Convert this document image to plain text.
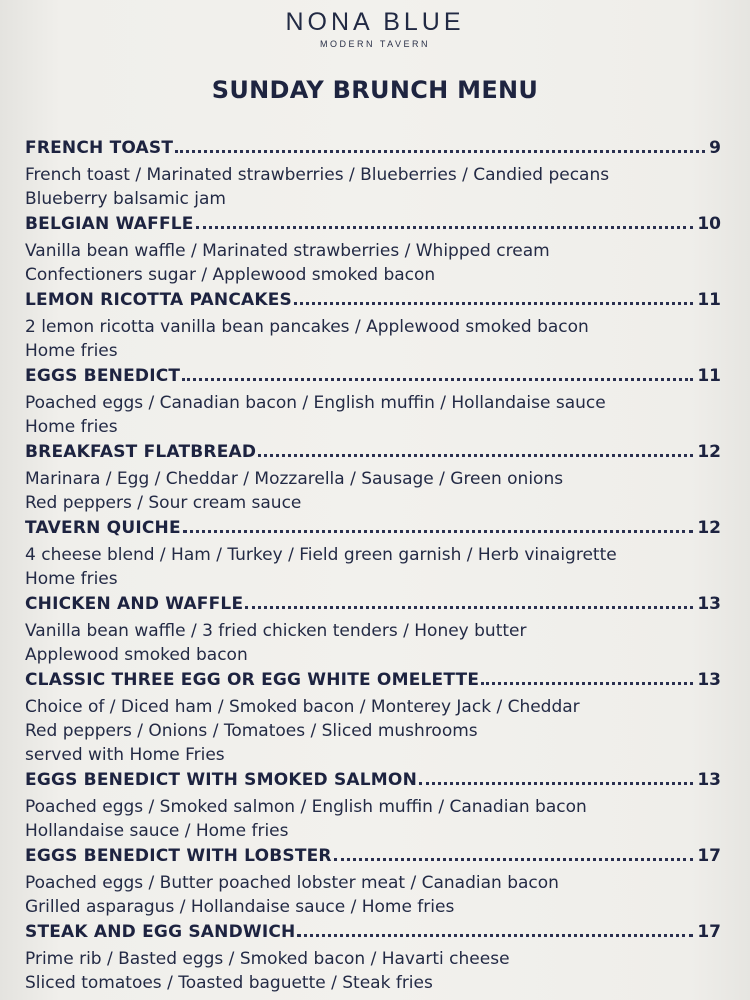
NONA BLUE
MODERN TAVERN
SUNDAY BRUNCH MENU
FRENCH TOAST	9
French toast / Marinated strawberries / Blueberries / Candied pecans
Blueberry balsamic jam
BELGIAN WAFFLE	10
Vanilla bean waffle / Marinated strawberries / Whipped cream
Confectioners sugar / Applewood smoked bacon
LEMON RICOTTA PANCAKES	11
2 lemon ricotta vanilla bean pancakes / Applewood smoked bacon
Home fries
EGGS BENEDICT	11
Poached eggs / Canadian bacon / English muffin / Hollandaise sauce
Home fries
BREAKFAST FLATBREAD	12
Marinara / Egg / Cheddar / Mozzarella / Sausage / Green onions
Red peppers / Sour cream sauce
TAVERN QUICHE	12
4 cheese blend / Ham / Turkey / Field green garnish / Herb vinaigrette
Home fries
CHICKEN AND WAFFLE	13
Vanilla bean waffle / 3 fried chicken tenders / Honey butter
Applewood smoked bacon
CLASSIC THREE EGG OR EGG WHITE OMELETTE	13
Choice of / Diced ham / Smoked bacon / Monterey Jack / Cheddar
Red peppers / Onions / Tomatoes / Sliced mushrooms
served with Home Fries
EGGS BENEDICT WITH SMOKED SALMON	13
Poached eggs / Smoked salmon / English muffin / Canadian bacon
Hollandaise sauce / Home fries
EGGS BENEDICT WITH LOBSTER	17
Poached eggs / Butter poached lobster meat / Canadian bacon
Grilled asparagus / Hollandaise sauce / Home fries
STEAK AND EGG SANDWICH	17
Prime rib / Basted eggs / Smoked bacon / Havarti cheese
Sliced tomatoes / Toasted baguette / Steak fries
